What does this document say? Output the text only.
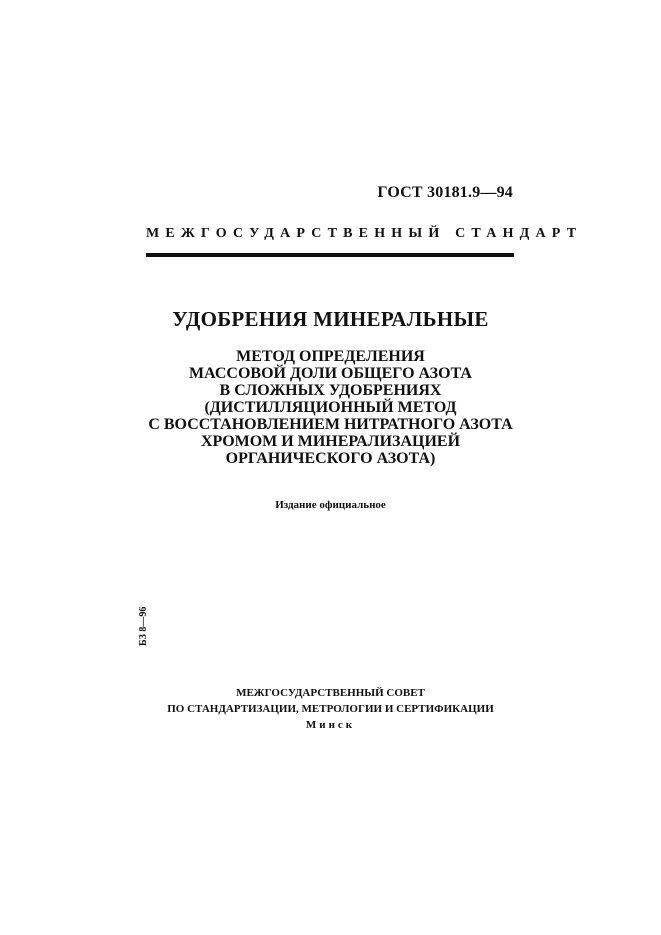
ГОСТ 30181.9—94
МЕЖГОСУДАРСТВЕННЫЙ СТАНДАРТ
УДОБРЕНИЯ МИНЕРАЛЬНЫЕ
МЕТОД ОПРЕДЕЛЕНИЯ
МАССОВОЙ ДОЛИ ОБЩЕГО АЗОТА
В СЛОЖНЫХ УДОБРЕНИЯХ
(ДИСТИЛЛЯЦИОННЫЙ МЕТОД
С ВОССТАНОВЛЕНИЕМ НИТРАТНОГО АЗОТА
ХРОМОМ И МИНЕРАЛИЗАЦИЕЙ
ОРГАНИЧЕСКОГО АЗОТА)
Издание официальное
БЗ 8—96
МЕЖГОСУДАРСТВЕННЫЙ СОВЕТ
ПО СТАНДАРТИЗАЦИИ, МЕТРОЛОГИИ И СЕРТИФИКАЦИИ
Минск
